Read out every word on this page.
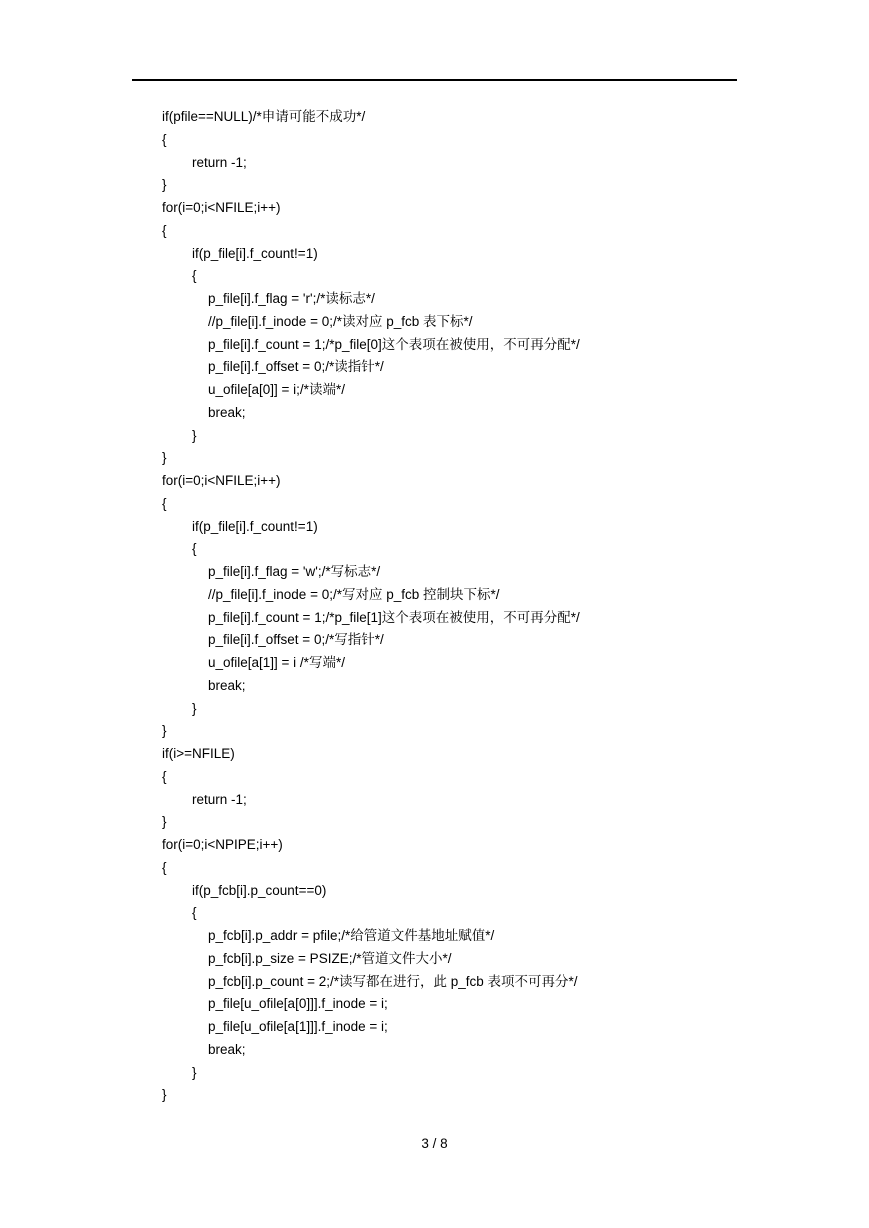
if(pfile==NULL)/*申请可能不成功*/
{
return -1;
}
for(i=0;i<NFILE;i++)
{
if(p_file[i].f_count!=1)
{
p_file[i].f_flag = 'r';/*读标志*/
//p_file[i].f_inode = 0;/*读对应 p_fcb 表下标*/
p_file[i].f_count = 1;/*p_file[0]这个表项在被使用，不可再分配*/
p_file[i].f_offset = 0;/*读指针*/
u_ofile[a[0]] = i;/*读端*/
break;
}
}
for(i=0;i<NFILE;i++)
{
if(p_file[i].f_count!=1)
{
p_file[i].f_flag = 'w';/*写标志*/
//p_file[i].f_inode = 0;/*写对应 p_fcb 控制块下标*/
p_file[i].f_count = 1;/*p_file[1]这个表项在被使用，不可再分配*/
p_file[i].f_offset = 0;/*写指针*/
u_ofile[a[1]] = i /*写端*/
break;
}
}
if(i>=NFILE)
{
return -1;
}
for(i=0;i<NPIPE;i++)
{
if(p_fcb[i].p_count==0)
{
p_fcb[i].p_addr = pfile;/*给管道文件基地址赋值*/
p_fcb[i].p_size = PSIZE;/*管道文件大小*/
p_fcb[i].p_count = 2;/*读写都在进行，此 p_fcb 表项不可再分*/
p_file[u_ofile[a[0]]].f_inode = i;
p_file[u_ofile[a[1]]].f_inode = i;
break;
}
}
3 / 8
